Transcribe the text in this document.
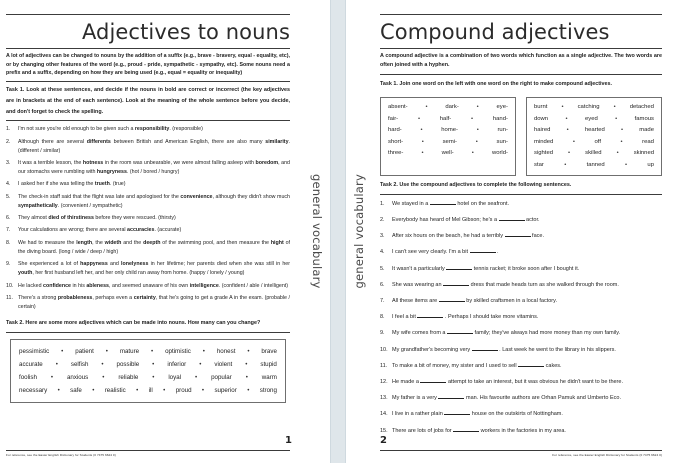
Adjectives to nouns
A lot of adjectives can be changed to nouns by the addition of a suffix (e.g., brave - bravery, equal - equality, etc), or by changing other features of the word (e.g., proud - pride, sympathetic - sympathy, etc). Some nouns need a prefix and a suffix, depending on how they are being used (e.g., equal = equality or inequality)
Task 1. Look at these sentences, and decide if the nouns in bold are correct or incorrect (the key adjectives are in brackets at the end of each sentence). Look at the meaning of the whole sentence before you decide, and don't forget to check the spelling.
1.	I'm not sure you're old enough to be given such a responsibility. (responsible)
2.	Although there are several differents between British and American English, there are also many similarity. (different / similar)
3.	It was a terrible lesson, the hotness in the room was unbearable, we were almost falling asleep with boredom, and our stomachs were rumbling with hungryness. (hot / bored / hungry)
4.	I asked her if she was telling the trueth. (true)
5.	The check-in staff said that the flight was late and apologised for the convenience, although they didn't show much sympathetically. (convenient / sympathetic)
6.	They almost died of thirstiness before they were rescued. (thirsty)
7.	Your calculations are wrong; there are several accuracies. (accurate)
8.	We had to measure the length, the wideth and the deepth of the swimming pool, and then measure the hight of the diving board. (long / wide / deep / high)
9.	She experienced a lot of happyness and lonelyness in her lifetime; her parents died when she was still in her youth, her first husband left her, and her only child ran away from home. (happy / lonely / young)
10. He lacked confidence in his ableness, and seemed unaware of his own intelligence. (confident / able / intelligent)
11. There's a strong probableness, perhaps even a certainty, that he's going to get a grade A in the exam. (probable / certain)
Task 2. Here are some more adjectives which can be made into nouns. How many can you change?
pessimistic • patient • mature • optimistic • honest • brave
accurate • selfish • possible • inferior • violent • stupid
foolish • anxious • reliable • loyal • popular • warm
necessary • safe • realistic • ill • proud • superior • strong
1
For reference, see the Easier English Dictionary for Students (0 7475 6624 0)
general vocabulary general vocabulary
Compound adjectives
A compound adjective is a combination of two words which function as a single adjective. The two words are often joined with a hyphen.
Task 1. Join one word on the left with one word on the right to make compound adjectives.
absent-	•	dark-	•	eye-
fair-	•	half-	•	hand-
hard-	•	home-	•	run-
short-	•	semi-	•	sun-
three-	•	well-	•	world-
burnt • catching • detached
down	•	eyed	•	famous
haired	•	hearted	•	made
minded	•	off	•	read
sighted	•	skilled	•	skinned
star	•	tanned	•	up
Task 2. Use the compound adjectives to complete the following sentences.
1.	We stayed in a	hotel on the seafront.
2.	Everybody has heard of Mel Gibson; he's a	actor.
3.	After six hours on the beach, he had a terribly	face.
4.	I can't see very clearly. I'm a bit	.
5.	It wasn't a particularly	tennis racket; it broke soon after I bought it.
6.	She was wearing an	dress that made heads turn as she walked through the room.
7.	All these items are	by skilled craftsmen in a local factory.
8.	I feel a bit	. Perhaps I should take more vitamins.
9.	My wife comes from a	family; they've always had more money than my own family.
10. My grandfather's becoming very	. Last week he went to the library in his slippers.
11. To make a bit of money, my sister and I used to sell	cakes.
12. He made a	attempt to take an interest, but it was obvious he didn't want to be there.
13. My father is a very	man. His favourite authors are Orhan Pamuk and Umberto Eco.
14. I live in a rather plain	house on the outskirts of Nottingham.
15. There are lots of jobs for	workers in the factories in my area.
2
For reference, see the Easier English Dictionary for Students (0 7475 6624 0)
